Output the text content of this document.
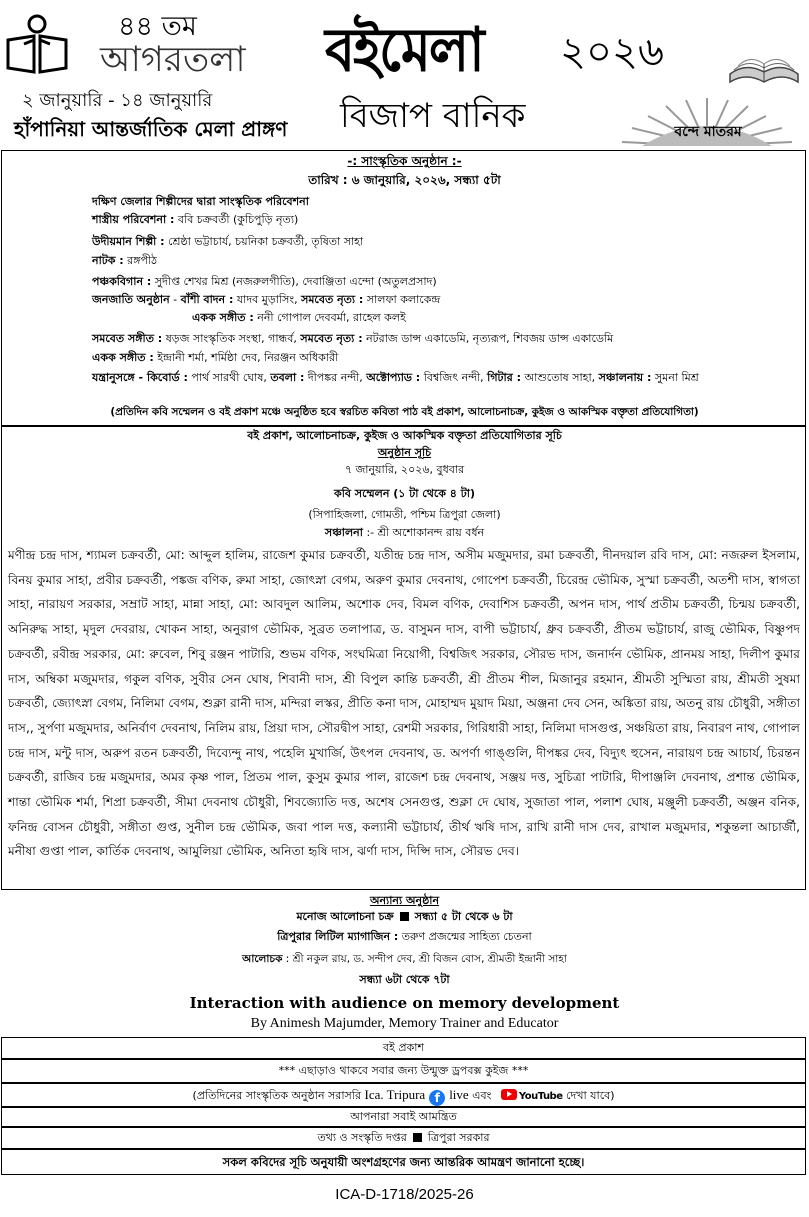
৪৪ তম
আগরতলা
২ জানুয়ারি - ১৪ জানুয়ারি
হাঁপানিয়া আন্তর্জাতিক মেলা প্রাঙ্গণ
বইমেলা ২০২৬
বিজাপ বানিক	বন্দে মাতরম
-: সাংস্কৃতিক অনুষ্ঠান :-
তারিখ : ৬ জানুয়ারি, ২০২৬, সন্ধ্যা ৫টা
দক্ষিণ জেলার শিল্পীদের দ্বারা সাংস্কৃতিক পরিবেশনা
শাস্ত্রীয় পরিবেশনা : ববি চক্রবর্তী (কুচিপুড়ি নৃত্য)
উদীয়মান শিল্পী : শ্রেষ্ঠা ভট্টাচার্য, চয়নিকা চক্রবর্তী, তৃষিতা সাহা
নাটক : রঙ্গপীঠ
পঞ্চকবিগান : সুদীপ্ত শেখর মিশ্র (নজরুলগীতি), দেবাঞ্জিতা এন্দো (অতুলপ্রসাদ)
জনজাতি অনুষ্ঠান - বাঁশী বাদন : যাদব মুড়াসিং, সমবেত নৃত্য : সালফা কলাকেন্দ্র
একক সঙ্গীত : ননী গোপাল দেববর্মা, রাহেল কলই
সমবেত সঙ্গীত : ষড়জ সাংস্কৃতিক সংস্থা, গান্ধর্ব, সমবেত নৃত্য : নটরাজ ডান্স একাডেমি, নৃত্যরূপ, শিবজয় ডান্স একাডেমি
একক সঙ্গীত : ইন্দ্রানী শর্মা, শর্মিষ্ঠা দেব, নিরঞ্জন অধিকারী
যন্ত্রানুসঙ্গে - কিবোর্ড : পার্থ সারথী ঘোষ, তবলা : দীপঙ্কর নন্দী, অক্টোপ্যাড : বিশ্বজিৎ নন্দী, গিটার : আশুতোষ সাহা, সঞ্চালনায় : সুমনা মিশ্র
(প্রতিদিন কবি সম্মেলন ও বই প্রকাশ মঞ্চে অনুষ্ঠিত হবে স্বরচিত কবিতা পাঠ বই প্রকাশ, আলোচনাচক্র, কুইজ ও আকস্মিক বক্তৃতা প্রতিযোগিতা)
বই প্রকাশ, আলোচনাচক্র, কুইজ ও আকস্মিক বক্তৃতা প্রতিযোগিতার সূচি
অনুষ্ঠান সূচি
৭ জানুয়ারি, ২০২৬, বুধবার
কবি সম্মেলন (১ টা থেকে ৪ টা)
(সিপাহিজলা, গোমতী, পশ্চিম ত্রিপুরা জেলা)
সঞ্চালনা :- শ্রী অশোকানন্দ রায় বর্ধন

মণীন্দ্র চন্দ্র দাস, শ্যামল চক্রবর্তী, মো: আব্দুল হালিম, রাজেশ কুমার চক্রবর্তী, যতীন্দ্র চন্দ্র দাস, অসীম মজুমদার, রমা চক্রবর্তী, দীনদয়াল রবি দাস, মো: নজরুল ইসলাম, বিনয় কুমার সাহা, প্রবীর চক্রবর্তী, পঙ্কজ বণিক, রুমা সাহা, জোৎস্না বেগম, অরুণ কুমার দেবনাথ, গোপেশ চক্রবর্তী, চিরেন্দ্র ভৌমিক, সুস্মা চক্রবর্তী, অতশী দাস, স্বাগতা সাহা, নারায়ণ সরকার, সম্রাট সাহা, মান্না সাহা, মো: আবদুল আলিম, অশোক দেব, বিমল বণিক, দেবাশিস চক্রবর্তী, অপন দাস, পার্থ প্রতীম চক্রবর্তী, চিন্ময় চক্রবর্তী, অনিরুদ্ধ সাহা, মৃদুল দেবরায়, খোকন সাহা, অনুরাগ ভৌমিক, সুব্রত তলাপাত্র, ড. বাসুমন দাস, বাপী ভট্টাচার্য, ধ্রুব চক্রবর্তী, প্রীতম ভট্টাচার্য, রাজু ভৌমিক, বিষ্ণুপদ চক্রবর্তী, রবীন্দ্র সরকার, মো: রুবেল, শিবু রঞ্জন পাটারি, শুভম বণিক, সংঘমিত্রা নিয়োগী, বিশ্বজিৎ সরকার, সৌরভ দাস, জনার্দন ভৌমিক, প্রানময় সাহা, দিলীপ কুমার দাস, অম্বিকা মজুমদার, গকুল বণিক, সুবীর সেন ঘোষ, শিবানী দাস, শ্রী বিপুল কান্তি চক্রবর্তী, শ্রী প্রীতম শীল, মিজানুর রহমান, শ্রীমতী সুস্মিতা রায়, শ্রীমতী সুষমা চক্রবর্তী, জ্যোৎস্না বেগম, নিলিমা বেগম, শুক্লা রানী দাস, মন্দিরা লস্কর, প্রীতি কনা দাস, মোহাম্মদ মুয়াদ মিয়া, অঞ্জনা দেব সেন, অঙ্কিতা রায়, অতনু রায় চৌধুরী, সঙ্গীতা দাস,, সুর্পণা মজুমদার, অনির্বাণ দেবনাথ, নিলিম রায়, প্রিয়া দাস, সৌরদ্বীপ সাহা, রেশমী সরকার, গিরিধারী সাহা, নিলিমা দাসগুপ্ত, সঞ্চয়িতা রায়, নিবারণ নাথ, গোপাল চন্দ্র দাস, মন্টু দাস, অরুপ রতন চক্রবর্তী, দিব্যেন্দু নাথ, পহেলি মুখার্জি, উৎপল দেবনাথ, ড. অপর্ণা গাঙ্গুলি, দীপঙ্কর দেব, বিদ্যুৎ হুসেন, নারায়ণ চন্দ্র আচার্য, চিরন্তন চক্রবর্তী, রাজিব চন্দ্র মজুমদার, অমর কৃষ্ণ পাল, প্রিতম পাল, কুসুম কুমার পাল, রাজেশ চন্দ্র দেবনাথ, সঞ্জয় দত্ত, সুচিত্রা পাটারি, দীপাঞ্জলি দেবনাথ, প্রশান্ত ভৌমিক, শান্তা ভৌমিক শর্মা, শিপ্রা চক্রবর্তী, সীমা দেবনাথ চৌধুরী, শিবজ্যোতি দত্ত, অশেষ সেনগুপ্ত, শুক্লা দে ঘোষ, সুজাতা পাল, পলাশ ঘোষ, মঞ্জুলী চক্রবর্তী, অঞ্জন বনিক, ফনিন্দ্র বোসন চৌধুরী, সঙ্গীতা গুপ্ত, সুনীল চন্দ্র ভৌমিক, জবা পাল দত্ত, কল্যানী ভট্টাচার্য, তীর্থ ঋষি দাস, রাখি রানী দাস দেব, রাখাল মজুমদার, শকুন্তলা আচার্জী, মনীষা গুপ্তা পাল, কার্তিক দেবনাথ, আমুলিয়া ভৌমিক, অনিতা হৃষি দাস, ঝর্ণা দাস, দিপ্সি দাস, সৌরভ দেব।

অন্যান্য অনুষ্ঠান
মনোজ আলোচনা চক্র সন্ধ্যা ৫ টা থেকে ৬ টা
ত্রিপুরার লিটিল ম্যাগাজিন : তরুণ প্রজন্মের সাহিত্য চেতনা
আলোচক : শ্রী নকুল রায়, ড. সন্দীপ দেব, শ্রী বিজন বোস, শ্রীমতী ইন্দ্রানী সাহা
সন্ধ্যা ৬টা থেকে ৭টা
Interaction with audience on memory development
By Animesh Majumder, Memory Trainer and Educator
বই প্রকাশ
*** এছাড়াও থাকবে সবার জন্য উন্মুক্ত ড্রপবক্স কুইজ ***
(প্রতিদিনের সাংস্কৃতিক অনুষ্ঠান সরাসরি Ica. Tripura f live এবং YouTube দেখা যাবে)
আপনারা সবাই আমন্ত্রিত
তথ্য ও সংস্কৃতি দপ্তর ত্রিপুরা সরকার
সকল কবিদের সূচি অনুযায়ী অংশগ্রহণের জন্য আন্তরিক আমন্ত্রণ জানানো হচ্ছে।
ICA-D-1718/2025-26
